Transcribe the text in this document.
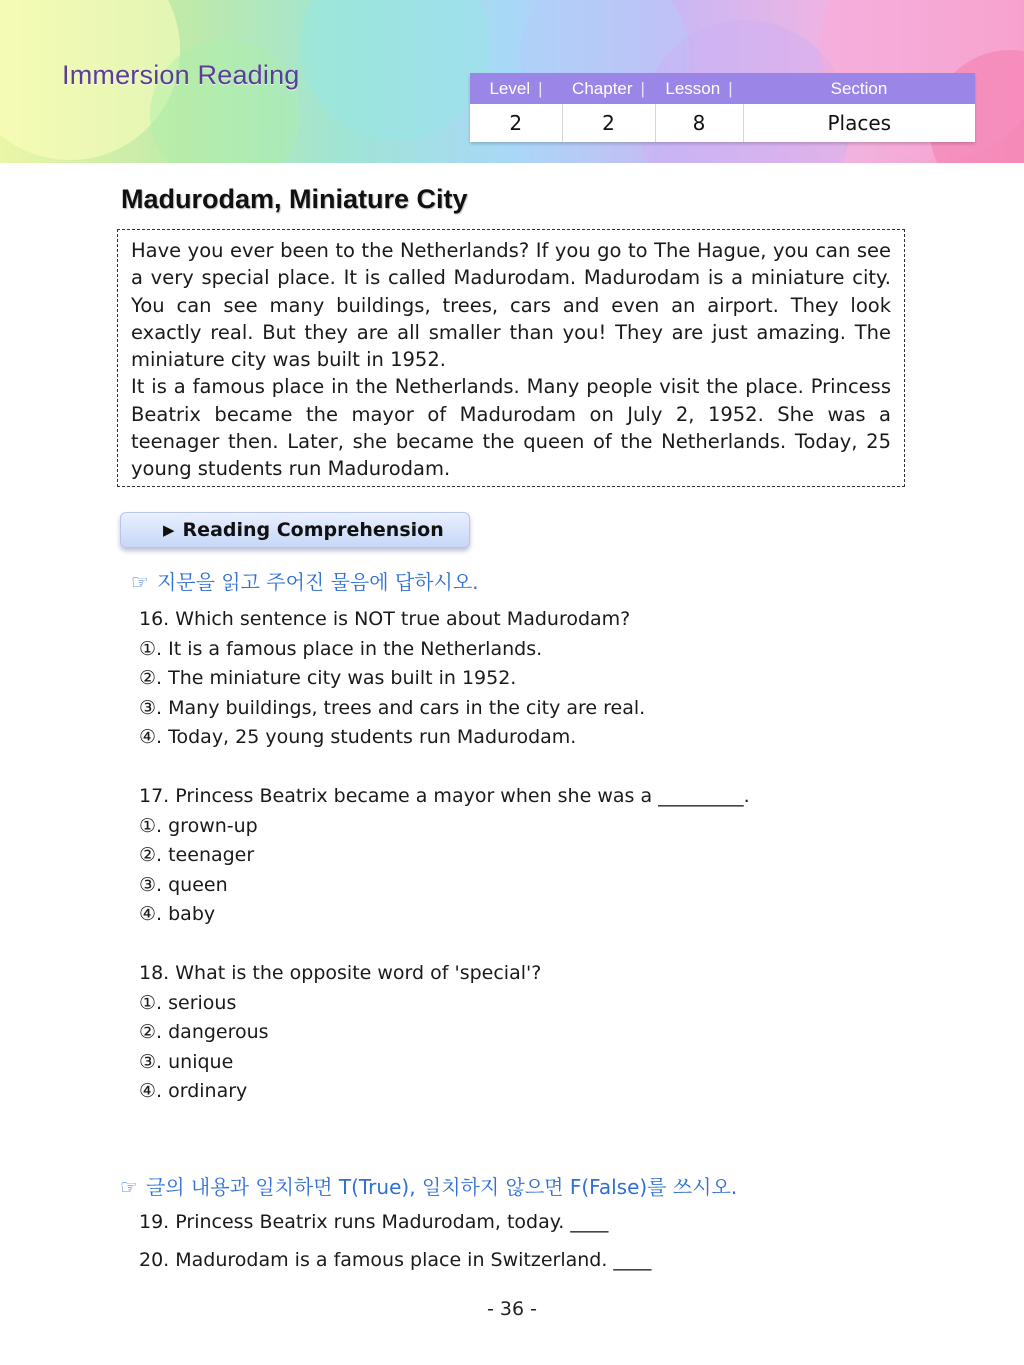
Immersion Reading	Level |	Chapter |	Lesson |	Section
2	2	8	Places
Madurodam, Miniature City

Have you ever been to the Netherlands? If you go to The Hague, you can see a very special place. It is called Madurodam. Madurodam is a miniature city. You can see many buildings, trees, cars and even an airport. They look exactly real. But they are all smaller than you! They are just amazing. The miniature city was built in 1952.

It is a famous place in the Netherlands. Many people visit the place. Princess Beatrix became the mayor of Madurodam on July 2, 1952. She was a teenager then. Later, she became the queen of the Netherlands. Today, 25 young students run Madurodam.

▶ Reading Comprehension
☞ 지문을 읽고 주어진 물음에 답하시오.

16. Which sentence is NOT true about Madurodam?

①. It is a famous place in the Netherlands.

②. The miniature city was built in 1952.

③. Many buildings, trees and cars in the city are real.

④. Today, 25 young students run Madurodam.

17. Princess Beatrix became a mayor when she was a _________.

①. grown-up

②. teenager

③. queen

④. baby

18. What is the opposite word of 'special'?

①. serious

②. dangerous

③. unique

④. ordinary

☞ 글의 내용과 일치하면 T(True), 일치하지 않으면 F(False)를 쓰시오.

19. Princess Beatrix runs Madurodam, today. ____

20. Madurodam is a famous place in Switzerland. ____

- 36 -
